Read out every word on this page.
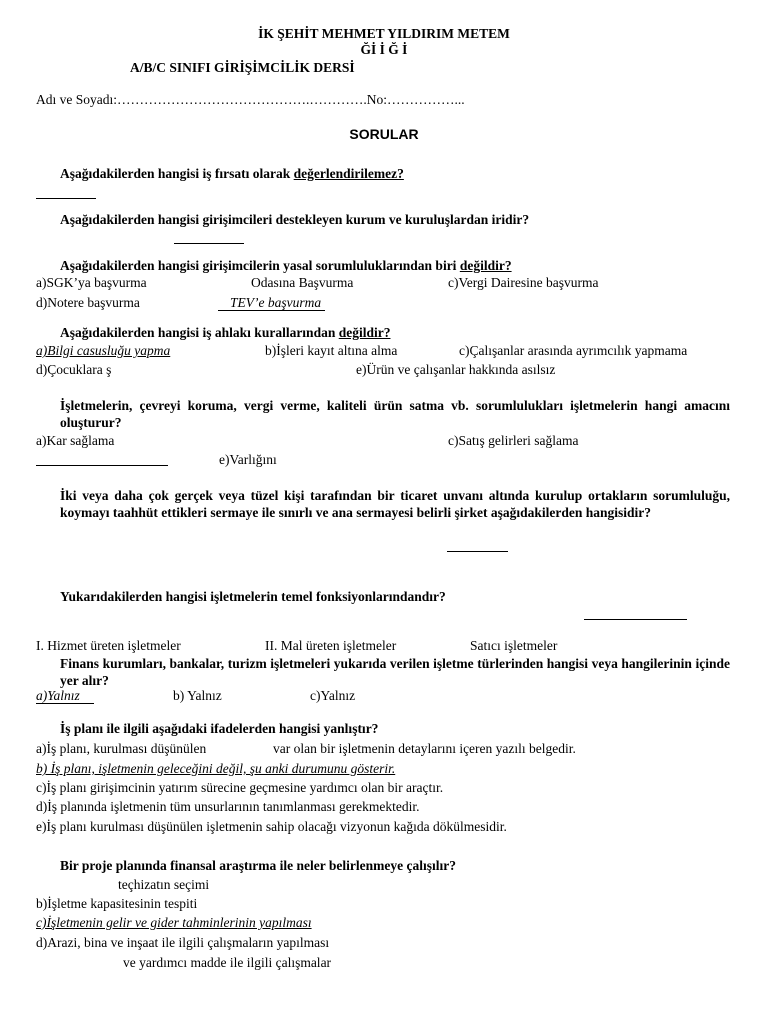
İK ŞEHİT MEHMET YILDIRIM METEM
Ğİ İ Ğ İ
A/B/C SINIFI GİRİŞİMCİLİK DERSİ
Adı ve Soyadı:…………………………………….………….No:……………...
SORULAR
Aşağıdakilerden hangisi iş fırsatı olarak değerlendirilemez?
Aşağıdakilerden hangisi girişimcileri destekleyen kurum ve kuruluşlardan iridir?
Aşağıdakilerden hangisi girişimcilerin yasal sorumluluklarından biri değildir?
a)SGK’ya başvurma	Odasına Başvurma	c)Vergi Dairesine başvurma
d)Notere başvurma	TEV’e başvurma
Aşağıdakilerden hangisi iş ahlakı kurallarından değildir?
a)Bilgi casusluğu yapma	b)İşleri kayıt altına alma	c)Çalışanlar arasında ayrımcılık yapmama
d)Çocuklara ş	e)Ürün ve çalışanlar hakkında asılsız
İşletmelerin, çevreyi koruma, vergi verme, kaliteli ürün satma vb. sorumlulukları işletmelerin hangi amacını oluşturur?
a)Kar sağlama	c)Satış gelirleri sağlama
e)Varlığını
İki veya daha çok gerçek veya tüzel kişi tarafından bir ticaret unvanı altında kurulup ortakların sorumluluğu, koymayı taahhüt ettikleri sermaye ile sınırlı ve ana sermayesi belirli şirket aşağıdakilerden hangisidir?
Yukarıdakilerden hangisi işletmelerin temel fonksiyonlarındandır?
I. Hizmet üreten işletmeler	II. Mal üreten işletmeler	Satıcı işletmeler
Finans kurumları, bankalar, turizm işletmeleri yukarıda verilen işletme türlerinden hangisi veya hangilerinin içinde yer alır?
a)Yalnız	b) Yalnız	c)Yalnız
İş planı ile ilgili aşağıdaki ifadelerden hangisi yanlıştır?
a)İş planı, kurulması düşünülen	var olan bir işletmenin detaylarını içeren yazılı belgedir.
b) İş planı, işletmenin geleceğini değil, şu anki durumunu gösterir.
c)İş planı girişimcinin yatırım sürecine geçmesine yardımcı olan bir araçtır.
d)İş planında işletmenin tüm unsurlarının tanımlanması gerekmektedir.
e)İş planı kurulması düşünülen işletmenin sahip olacağı vizyonun kağıda dökülmesidir.
Bir proje planında finansal araştırma ile neler belirlenmeye çalışılır?
teçhizatın seçimi
b)İşletme kapasitesinin tespiti
c)İşletmenin gelir ve gider tahminlerinin yapılması
d)Arazi, bina ve inşaat ile ilgili çalışmaların yapılması
ve yardımcı madde ile ilgili çalışmalar
